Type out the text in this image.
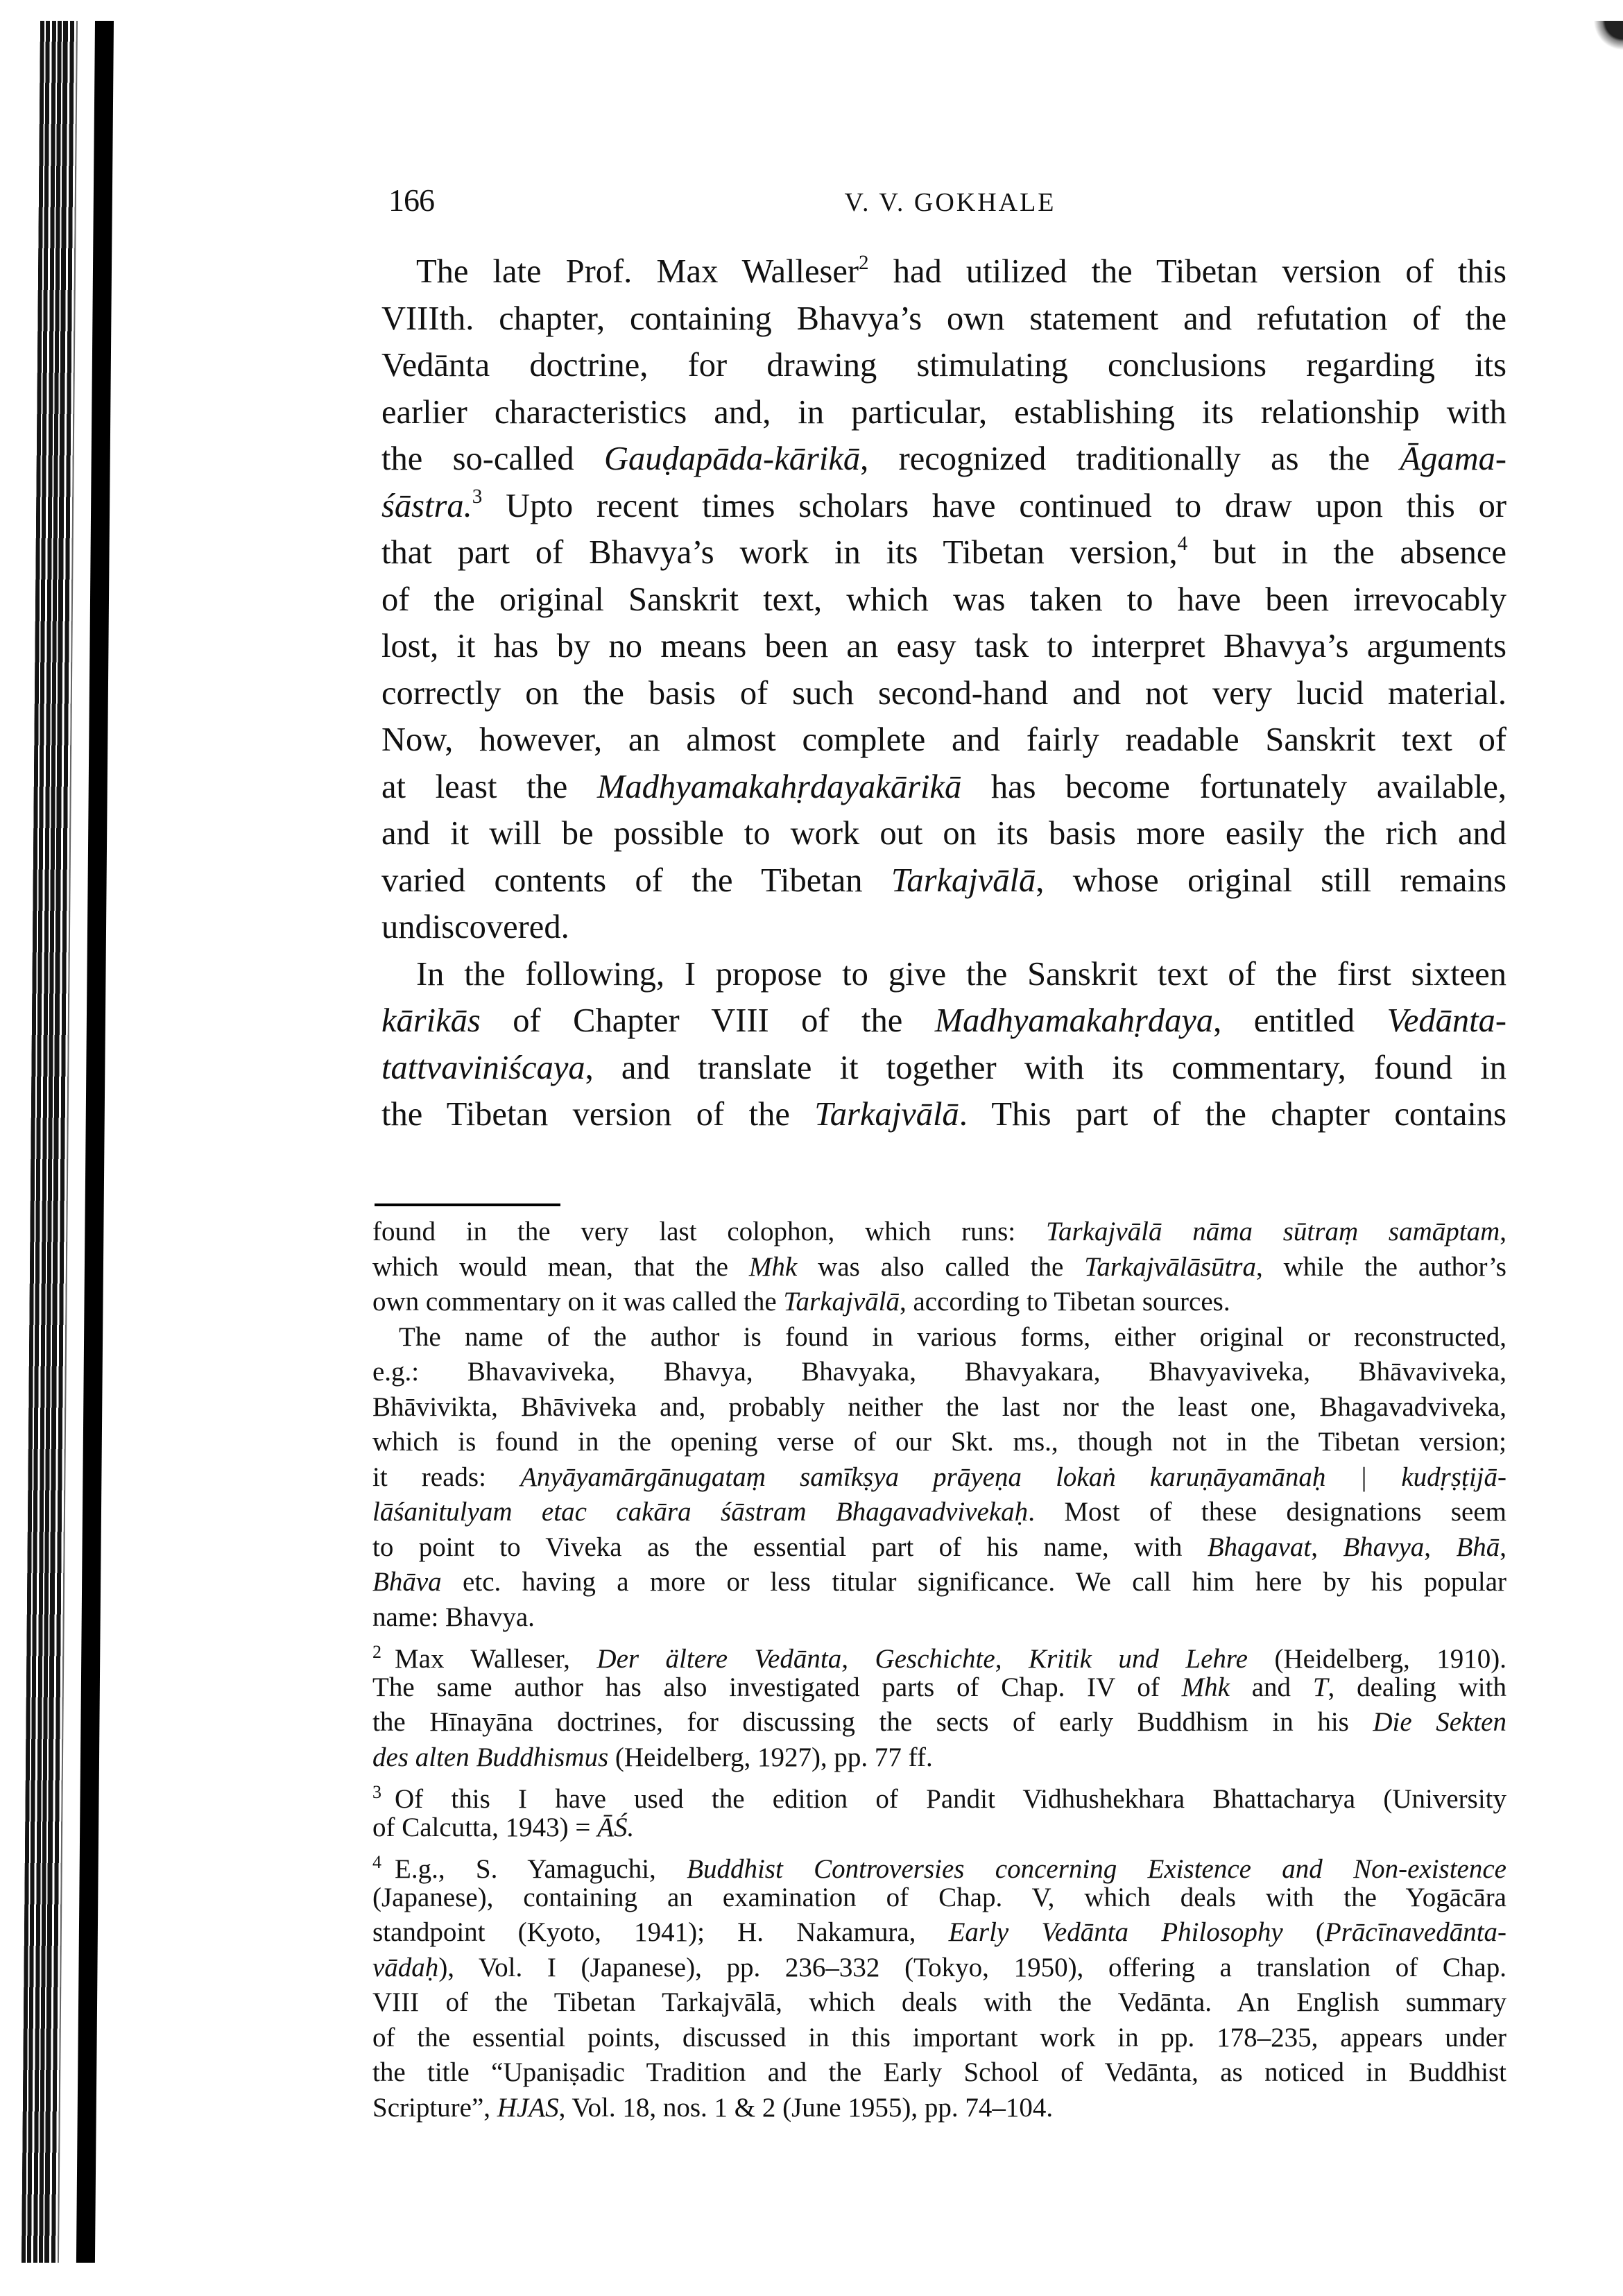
166	V. V. GOKHALE
The late Prof. Max Walleser$^2$ had utilized the Tibetan version of this
VIIIth. chapter, containing Bhavya’s own statement and refutation of the
Vedānta doctrine, for drawing stimulating conclusions regarding its
earlier characteristics and, in particular, establishing its relationship with
the so-called Gauḍapāda-kārikā, recognized traditionally as the Āgama-
śāstra.$^3$ Upto recent times scholars have continued to draw upon this or
that part of Bhavya’s work in its Tibetan version,$^4$ but in the absence
of the original Sanskrit text, which was taken to have been irrevocably
lost, it has by no means been an easy task to interpret Bhavya’s arguments
correctly on the basis of such second-hand and not very lucid material.
Now, however, an almost complete and fairly readable Sanskrit text of
at least the Madhyamakahṛdayakārikā has become fortunately available,
and it will be possible to work out on its basis more easily the rich and
varied contents of the Tibetan Tarkajvālā, whose original still remains
undiscovered.
In the following, I propose to give the Sanskrit text of the first sixteen
kārikās of Chapter VIII of the Madhyamakahṛdaya, entitled Vedānta-
tattvaviniścaya, and translate it together with its commentary, found in
the Tibetan version of the Tarkajvālā. This part of the chapter contains
found in the very last colophon, which runs: Tarkajvālā nāma sūtraṃ samāptam,
which would mean, that the Mhk was also called the Tarkajvālāsūtra, while the author’s
own commentary on it was called the Tarkajvālā, according to Tibetan sources.
The name of the author is found in various forms, either original or reconstructed,
e.g.: Bhavaviveka, Bhavya, Bhavyaka, Bhavyakara, Bhavyaviveka, Bhāvaviveka,
Bhāvivikta, Bhāviveka and, probably neither the last nor the least one, Bhagavadviveka,
which is found in the opening verse of our Skt. ms., though not in the Tibetan version;
it reads: Anyāyamārgānugataṃ samīkṣya prāyeṇa lokaṅ karuṇāyamānaḥ | kudṛṣṭijā-
lāśanitulyam etac cakāra śāstram Bhagavadvivekaḥ. Most of these designations seem
to point to Viveka as the essential part of his name, with Bhagavat, Bhavya, Bhā,
Bhāva etc. having a more or less titular significance. We call him here by his popular
name: Bhavya.
2 Max Walleser, Der ältere Vedānta, Geschichte, Kritik und Lehre (Heidelberg, 1910).
The same author has also investigated parts of Chap. IV of Mhk and T, dealing with
the Hīnayāna doctrines, for discussing the sects of early Buddhism in his Die Sekten
des alten Buddhismus (Heidelberg, 1927), pp. 77 ff.
3 Of this I have used the edition of Pandit Vidhushekhara Bhattacharya (University
of Calcutta, 1943) = ĀŚ.
4 E.g., S. Yamaguchi, Buddhist Controversies concerning Existence and Non-existence
(Japanese), containing an examination of Chap. V, which deals with the Yogācāra
standpoint (Kyoto, 1941); H. Nakamura, Early Vedānta Philosophy (Prācīnavedānta-
vādaḥ), Vol. I (Japanese), pp. 236–332 (Tokyo, 1950), offering a translation of Chap.
VIII of the Tibetan Tarkajvālā, which deals with the Vedānta. An English summary
of the essential points, discussed in this important work in pp. 178–235, appears under
the title “Upaniṣadic Tradition and the Early School of Vedānta, as noticed in Buddhist
Scripture”, HJAS, Vol. 18, nos. 1 & 2 (June 1955), pp. 74–104.
